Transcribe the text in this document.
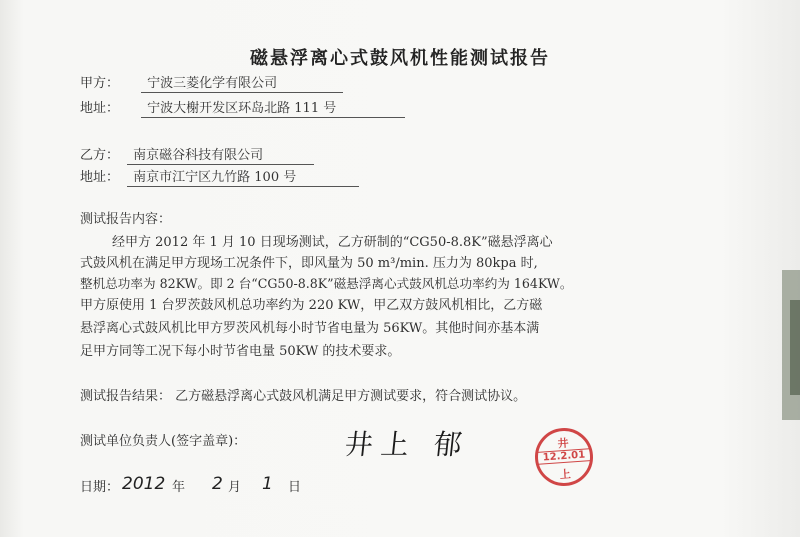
磁悬浮离心式鼓风机性能测试报告
甲方： 宁波三菱化学有限公司
地址： 宁波大榭开发区环岛北路 111 号
乙方： 南京磁谷科技有限公司
地址： 南京市江宁区九竹路 100 号
测试报告内容：
经甲方 2012 年 1 月 10 日现场测试，乙方研制的“CG50-8.8K”磁悬浮离心
式鼓风机在满足甲方现场工况条件下，即风量为 50 m³/min. 压力为 80kpa 时,
整机总功率为 82KW。即 2 台“CG50-8.8K”磁悬浮离心式鼓风机总功率约为 164KW。
甲方原使用 1 台罗茨鼓风机总功率约为 220 KW，甲乙双方鼓风机相比，乙方磁
悬浮离心式鼓风机比甲方罗茨风机每小时节省电量为 56KW。其他时间亦基本满
足甲方同等工况下每小时节省电量 50KW 的技术要求。
测试报告结果： 乙方磁悬浮离心式鼓风机满足甲方测试要求，符合测试协议。
测试单位负责人(签字盖章)：	井上 郁	井
12.2.01
上
日期： 2012 年 2 月 1 日
